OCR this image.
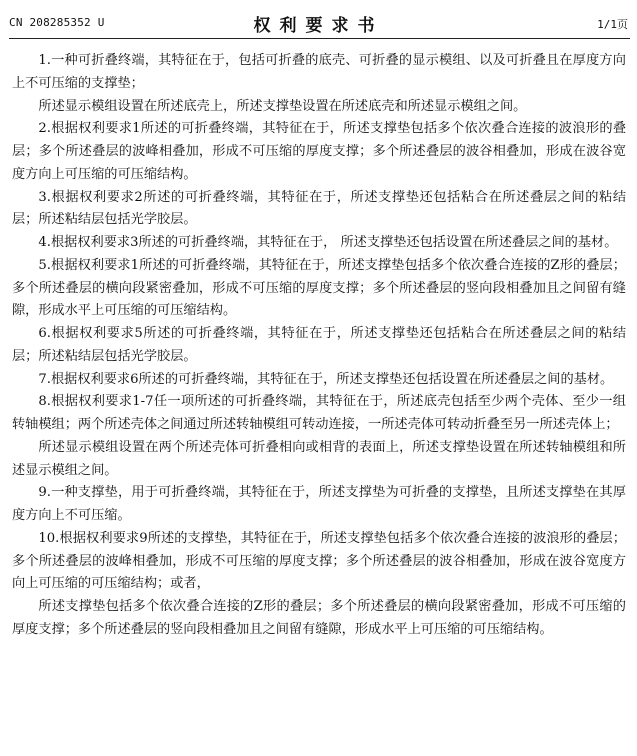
CN 208285352 U	权利要求书	1/1页

1.一种可折叠终端，其特征在于，包括可折叠的底壳、可折叠的显示模组、以及可折叠且在厚度方向上不可压缩的支撑垫；

所述显示模组设置在所述底壳上，所述支撑垫设置在所述底壳和所述显示模组之间。

2.根据权利要求1所述的可折叠终端，其特征在于，所述支撑垫包括多个依次叠合连接的波浪形的叠层；多个所述叠层的波峰相叠加，形成不可压缩的厚度支撑；多个所述叠层的波谷相叠加，形成在波谷宽度方向上可压缩的可压缩结构。

3.根据权利要求2所述的可折叠终端，其特征在于，所述支撑垫还包括粘合在所述叠层之间的粘结层；所述粘结层包括光学胶层。

4.根据权利要求3所述的可折叠终端，其特征在于， 所述支撑垫还包括设置在所述叠层之间的基材。

5.根据权利要求1所述的可折叠终端，其特征在于，所述支撑垫包括多个依次叠合连接的Z形的叠层；多个所述叠层的横向段紧密叠加，形成不可压缩的厚度支撑；多个所述叠层的竖向段相叠加且之间留有缝隙，形成水平上可压缩的可压缩结构。

6.根据权利要求5所述的可折叠终端，其特征在于，所述支撑垫还包括粘合在所述叠层之间的粘结层；所述粘结层包括光学胶层。

7.根据权利要求6所述的可折叠终端，其特征在于，所述支撑垫还包括设置在所述叠层之间的基材。

8.根据权利要求1-7任一项所述的可折叠终端，其特征在于，所述底壳包括至少两个壳体、至少一组转轴模组；两个所述壳体之间通过所述转轴模组可转动连接，一所述壳体可转动折叠至另一所述壳体上；

所述显示模组设置在两个所述壳体可折叠相向或相背的表面上，所述支撑垫设置在所述转轴模组和所述显示模组之间。

9.一种支撑垫，用于可折叠终端，其特征在于，所述支撑垫为可折叠的支撑垫，且所述支撑垫在其厚度方向上不可压缩。

10.根据权利要求9所述的支撑垫，其特征在于，所述支撑垫包括多个依次叠合连接的波浪形的叠层；多个所述叠层的波峰相叠加，形成不可压缩的厚度支撑；多个所述叠层的波谷相叠加，形成在波谷宽度方向上可压缩的可压缩结构；或者，

所述支撑垫包括多个依次叠合连接的Z形的叠层；多个所述叠层的横向段紧密叠加，形成不可压缩的厚度支撑；多个所述叠层的竖向段相叠加且之间留有缝隙，形成水平上可压缩的可压缩结构。
